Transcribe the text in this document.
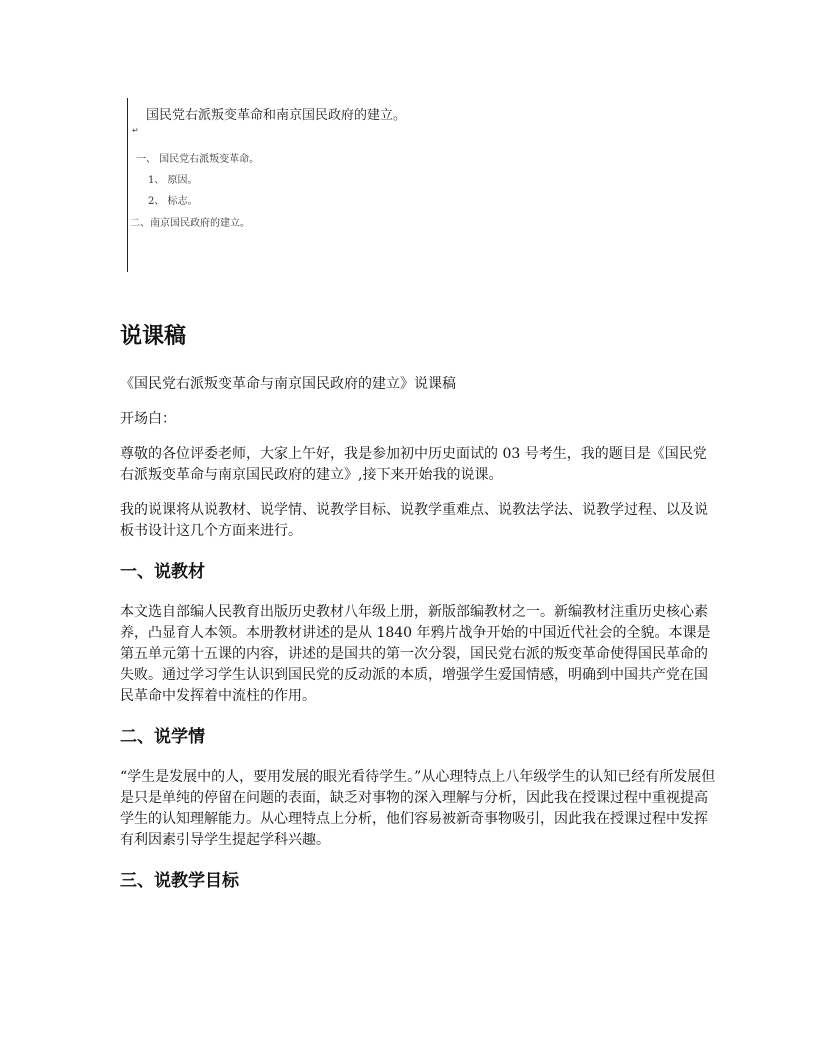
国民党右派叛变革命和南京国民政府的建立。
↵
一、 国民党右派叛变革命。
1、 原因。
2、 标志。
二、南京国民政府的建立。
说课稿

《国民党右派叛变革命与南京国民政府的建立》说课稿

开场白：

尊敬的各位评委老师，大家上午好，我是参加初中历史面试的 03 号考生，我的题目是《国民党右派叛变革命与南京国民政府的建立》,接下来开始我的说课。

我的说课将从说教材、说学情、说教学目标、说教学重难点、说教法学法、说教学过程、以及说板书设计这几个方面来进行。

一、说教材

本文选自部编人民教育出版历史教材八年级上册，新版部编教材之一。新编教材注重历史核心素养，凸显育人本领。本册教材讲述的是从 1840 年鸦片战争开始的中国近代社会的全貌。本课是第五单元第十五课的内容，讲述的是国共的第一次分裂，国民党右派的叛变革命使得国民革命的失败。通过学习学生认识到国民党的反动派的本质，增强学生爱国情感，明确到中国共产党在国民革命中发挥着中流柱的作用。

二、说学情

“学生是发展中的人，要用发展的眼光看待学生。”从心理特点上八年级学生的认知已经有所发展但是只是单纯的停留在问题的表面，缺乏对事物的深入理解与分析，因此我在授课过程中重视提高学生的认知理解能力。从心理特点上分析，他们容易被新奇事物吸引，因此我在授课过程中发挥有利因素引导学生提起学科兴趣。

三、说教学目标
